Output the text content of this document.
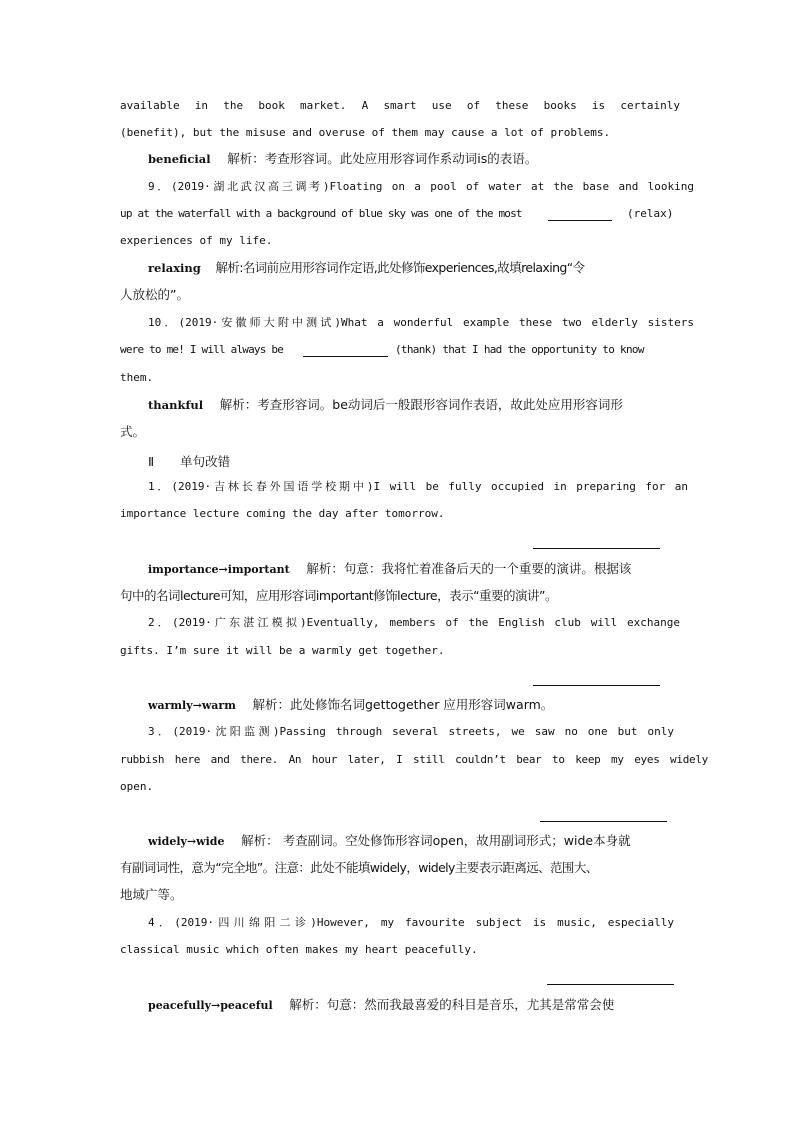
available in the book market. A smart use of these books is certainly
(benefit), but the misuse and overuse of them may cause a lot of problems.
beneficial 解析：考查形容词。此处应用形容词作系动词is的表语。
9．(2019·湖北武汉高三调考)Floating on a pool of water at the base and looking
up at the waterfall with a background of blue sky was one of the most	(relax)
experiences of my life.
relaxing 解析:名词前应用形容词作定语,此处修饰experiences,故填relaxing“令
人放松的”。
10．(2019·安徽师大附中测试)What a wonderful example these two elderly sisters
were to me! I will always be	(thank) that I had the opportunity to know
them.
thankful 解析：考查形容词。be动词后一般跟形容词作表语，故此处应用形容词形
式。
Ⅱ 单句改错
1．(2019·吉林长春外国语学校期中)I will be fully occupied in preparing for an
importance lecture coming the day after tomorrow.
importance→important 解析：句意：我将忙着准备后天的一个重要的演讲。根据该
句中的名词lecture可知，应用形容词important修饰lecture，表示“重要的演讲”。
2．(2019·广东湛江模拟)Eventually, members of the English club will exchange
gifts. I’m sure it will be a warmly get together.
warmly→warm 解析：此处修饰名词gettogether 应用形容词warm。
3．(2019·沈阳监测)Passing through several streets, we saw no one but only
rubbish here and there. An hour later, I still couldn’t bear to keep my eyes widely
open.
widely→wide 解析： 考查副词。空处修饰形容词open，故用副词形式；wide本身就
有副词词性，意为“完全地”。注意：此处不能填widely，widely主要表示距离远、范围大、
地域广等。
4．(2019·四川绵阳二诊)However, my favourite subject is music, especially
classical music which often makes my heart peacefully.
peacefully→peaceful 解析：句意：然而我最喜爱的科目是音乐，尤其是常常会使
